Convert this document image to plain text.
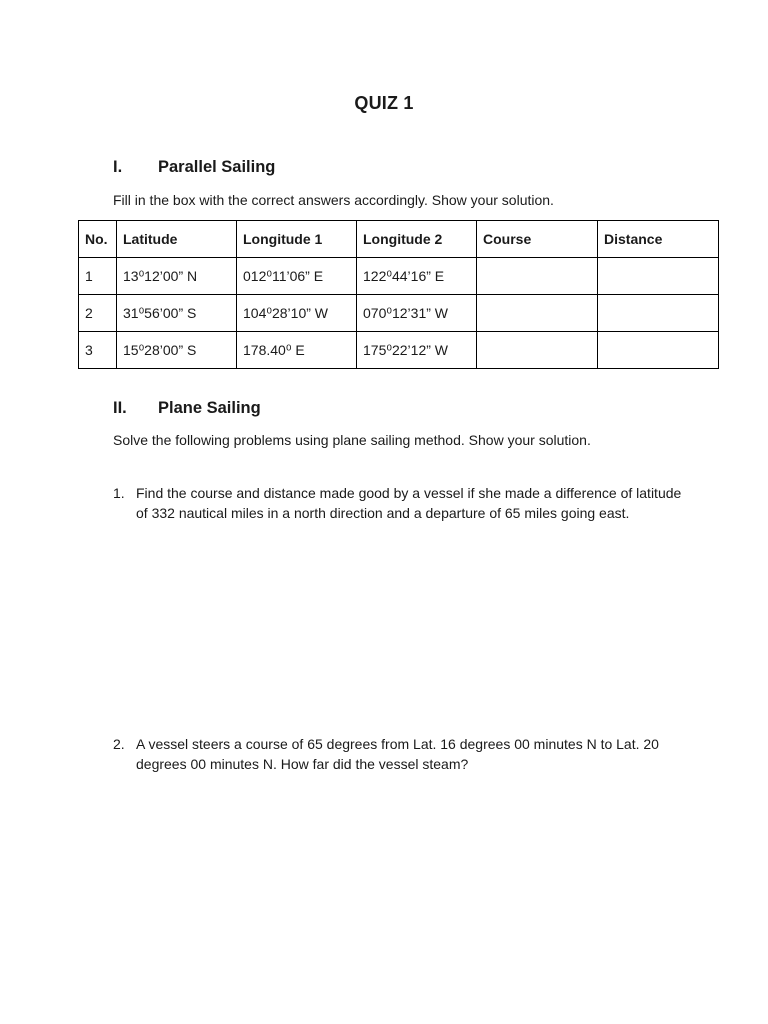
QUIZ 1
I. Parallel Sailing
Fill in the box with the correct answers accordingly. Show your solution.
No.	Latitude	Longitude 1	Longitude 2	Course	Distance
1	13⁰12’00” N	012⁰11’06” E	122⁰44’16” E		
2	31⁰56’00” S	104⁰28’10” W	070⁰12’31” W		
3	15⁰28’00” S	178.40⁰ E	175⁰22’12” W		
II. Plane Sailing
Solve the following problems using plane sailing method. Show your solution.
1. Find the course and distance made good by a vessel if she made a difference of latitude of 332 nautical miles in a north direction and a departure of 65 miles going east.
2. A vessel steers a course of 65 degrees from Lat. 16 degrees 00 minutes N to Lat. 20 degrees 00 minutes N. How far did the vessel steam?
